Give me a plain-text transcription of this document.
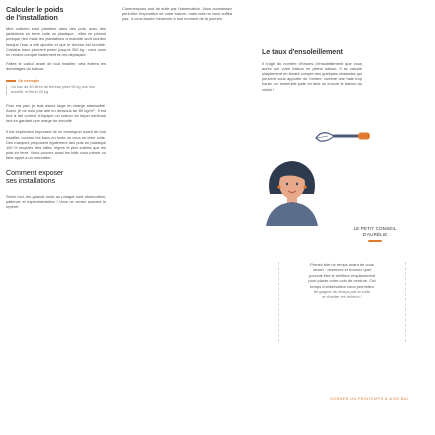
Calculer le poids
de l'installation

Mes cultures sont plantées dans des pots, avec des jardinières en terre cuite ou plastique ; elles ne pèsent presque rien mais les plantations à maturité sont lourdes lorsque l'eau a été ajoutée et que le terreau est humide. Certains bacs peuvent peser jusqu'à 300 kg ; vous vous en rendez compte facilement en les déplaçant.

Faites le calcul avant de tout installer, cela évitera les dommages du balcon.

Un exemple
Un bac de 40 litres de terreau pèse 55 kg une fois mouillé, et fleuri 25 kg.

Pour ma part, je suis assez large en charge admissible. Aussi, je ne suis pas allé en dessous de 80 kg/m² ; il est tout à fait correct d'équiper un balcon de façon sérieuse tout en gardant une marge de sécurité.

Il est cependant important de se renseigner avant de tout installer, comme les bacs en fonte ou ceux en terre cuite. Des marques proposent également des pots en plastique 100 % recyclés très utiles, légers et plus solides que les pots en terre. Vous pouvez aussi les bâtir vous-même ou faire appel à un menuisier.

Comment exposer
ses installations

Selon moi, les grands mots au potager sont observation, patience et expérimentation ! Vous ne verrez souvent le repérer.

Commençons tout de suite par l'observation. Vous connaissez peut-être l'exposition de votre balcon, mais cela ne vous suffira pas : il vous faudra l'observer à tout moment de la journée.

Le taux d'ensoleillement

Il s'agit du nombre d'heures d'ensoleillement que vous aurez sur votre balcon en pleine saison. Il se calcule simplement en tenant compte des quelques obstacles qui peuvent vous apporter de l'ombre, comme une haie trop haute, un immeuble juste en face ou encore le balcon du voisin !

LE PETIT CONSEIL
D'AURÉLIE
Prenez bien le temps avant de vous
lancer : observez et trouvez quel
pourrait être le meilleur emplacement
pour placer votre coin de verdure. Cet
temps d'observation vous permettra
de gagner du temps par la suite
et d'éviter les échecs !
DONNER UN PRINTEMPS À MON BAL
